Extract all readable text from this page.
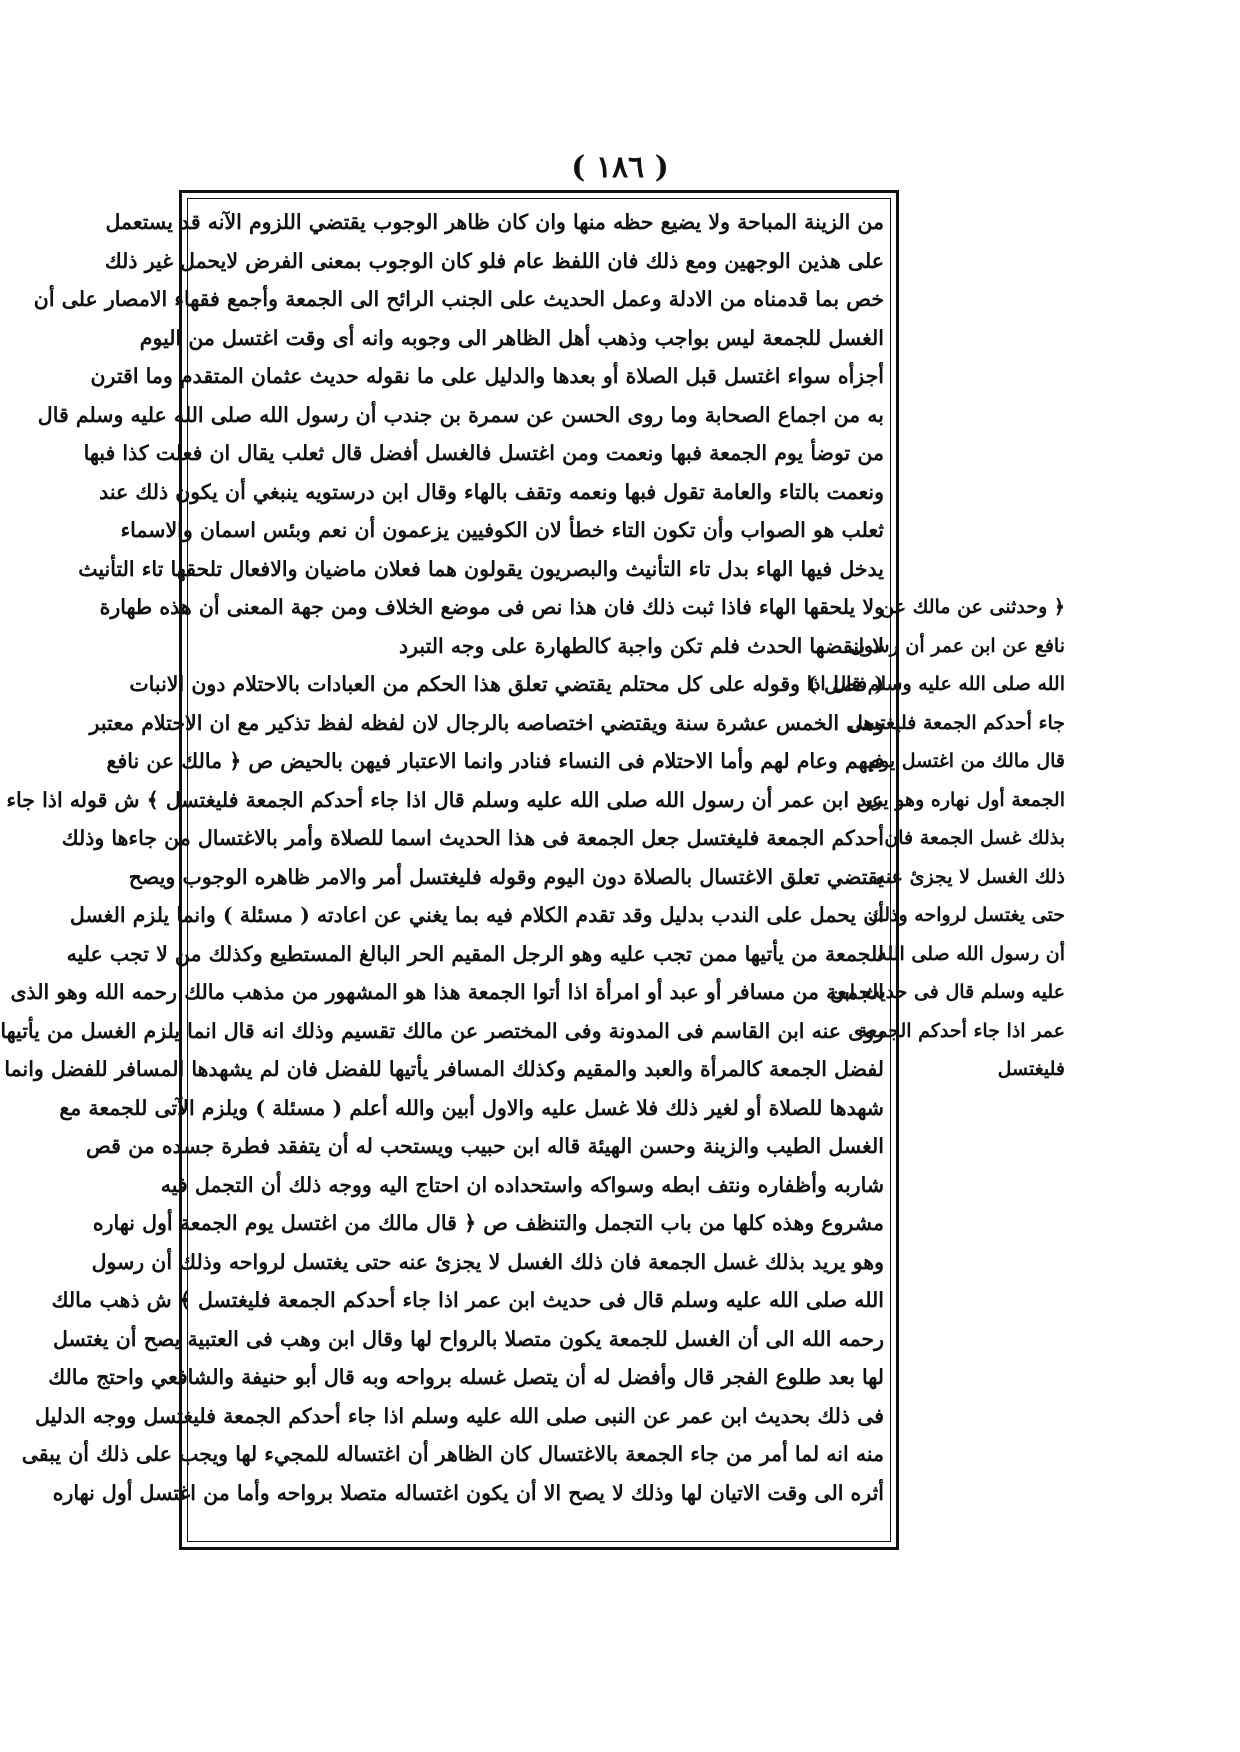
( ١٨٦ )
من الزينة المباحة ولا يضيع حظه منها وان كان ظاهر الوجوب يقتضي اللزوم الآنه قد يستعمل
على هذين الوجهين ومع ذلك فان اللفظ عام فلو كان الوجوب بمعنى الفرض لايحمل غير ذلك
خص بما قدمناه من الادلة وعمل الحديث على الجنب الرائح الى الجمعة وأجمع فقهاء الامصار على أن
الغسل للجمعة ليس بواجب وذهب أهل الظاهر الى وجوبه وانه أى وقت اغتسل من اليوم
أجزأه سواء اغتسل قبل الصلاة أو بعدها والدليل على ما نقوله حديث عثمان المتقدم وما اقترن
به من اجماع الصحابة وما روى الحسن عن سمرة بن جندب أن رسول الله صلى الله عليه وسلم قال
من توضأ يوم الجمعة فبها ونعمت ومن اغتسل فالغسل أفضل قال ثعلب يقال ان فعلت كذا فبها
ونعمت بالتاء والعامة تقول فبها ونعمه وتقف بالهاء وقال ابن درستويه ينبغي أن يكون ذلك عند
ثعلب هو الصواب وأن تكون التاء خطأ لان الكوفيين يزعمون أن نعم وبئس اسمان والاسماء
يدخل فيها الهاء بدل تاء التأنيث والبصريون يقولون هما فعلان ماضيان والافعال تلحقها تاء التأنيث
ولا يلحقها الهاء فاذا ثبت ذلك فان هذا نص فى موضع الخلاف ومن جهة المعنى أن هذه طهارة
لا ينقضها الحدث فلم تكن واجبة كالطهارة على وجه التبرد
( فصل ) وقوله على كل محتلم يقتضي تعلق هذا الحكم من العبادات بالاحتلام دون الانبات
وهى الخمس عشرة سنة ويقتضي اختصاصه بالرجال لان لفظه لفظ تذكير مع ان الاحتلام معتبر
فيهم وعام لهم وأما الاحتلام فى النساء فنادر وانما الاعتبار فيهن بالحيض ص ﴿ مالك عن نافع
عن ابن عمر أن رسول الله صلى الله عليه وسلم قال اذا جاء أحدكم الجمعة فليغتسل ﴾ ش قوله اذا جاء
أحدكم الجمعة فليغتسل جعل الجمعة فى هذا الحديث اسما للصلاة وأمر بالاغتسال من جاءها وذلك
يقتضي تعلق الاغتسال بالصلاة دون اليوم وقوله فليغتسل أمر والامر ظاهره الوجوب ويصح
أن يحمل على الندب بدليل وقد تقدم الكلام فيه بما يغني عن اعادته ( مسئلة ) وانما يلزم الغسل
للجمعة من يأتيها ممن تجب عليه وهو الرجل المقيم الحر البالغ المستطيع وكذلك من لا تجب عليه
الجمعة من مسافر أو عبد أو امرأة اذا أتوا الجمعة هذا هو المشهور من مذهب مالك رحمه الله وهو الذى
روى عنه ابن القاسم فى المدونة وفى المختصر عن مالك تقسيم وذلك انه قال انما يلزم الغسل من يأتيها
لفضل الجمعة كالمرأة والعبد والمقيم وكذلك المسافر يأتيها للفضل فان لم يشهدها المسافر للفضل وانما
شهدها للصلاة أو لغير ذلك فلا غسل عليه والاول أبين والله أعلم ( مسئلة ) ويلزم الآتى للجمعة مع
الغسل الطيب والزينة وحسن الهيئة قاله ابن حبيب ويستحب له أن يتفقد فطرة جسده من قص
شاربه وأظفاره ونتف ابطه وسواكه واستحداده ان احتاج اليه ووجه ذلك أن التجمل فيه
مشروع وهذه كلها من باب التجمل والتنظف ص ﴿ قال مالك من اغتسل يوم الجمعة أول نهاره
وهو يريد بذلك غسل الجمعة فان ذلك الغسل لا يجزئ عنه حتى يغتسل لرواحه وذلك أن رسول
الله صلى الله عليه وسلم قال فى حديث ابن عمر اذا جاء أحدكم الجمعة فليغتسل ﴾ ش ذهب مالك
رحمه الله الى أن الغسل للجمعة يكون متصلا بالرواح لها وقال ابن وهب فى العتبية يصح أن يغتسل
لها بعد طلوع الفجر قال وأفضل له أن يتصل غسله برواحه وبه قال أبو حنيفة والشافعي واحتج مالك
فى ذلك بحديث ابن عمر عن النبى صلى الله عليه وسلم اذا جاء أحدكم الجمعة فليغتسل ووجه الدليل
منه انه لما أمر من جاء الجمعة بالاغتسال كان الظاهر أن اغتساله للمجيء لها ويجب على ذلك أن يبقى
أثره الى وقت الاتيان لها وذلك لا يصح الا أن يكون اغتساله متصلا برواحه وأما من اغتسل أول نهاره
﴿ وحدثنى عن مالك عن
نافع عن ابن عمر أن رسول
الله صلى الله عليه وسلم قال اذا
جاء أحدكم الجمعة فليغتسل
قال مالك من اغتسل يوم
الجمعة أول نهاره وهو يريد
بذلك غسل الجمعة فان
ذلك الغسل لا يجزئ عنه
حتى يغتسل لرواحه وذلك
أن رسول الله صلى الله
عليه وسلم قال فى حديث ابن
عمر اذا جاء أحدكم الجمعة
فليغتسل
